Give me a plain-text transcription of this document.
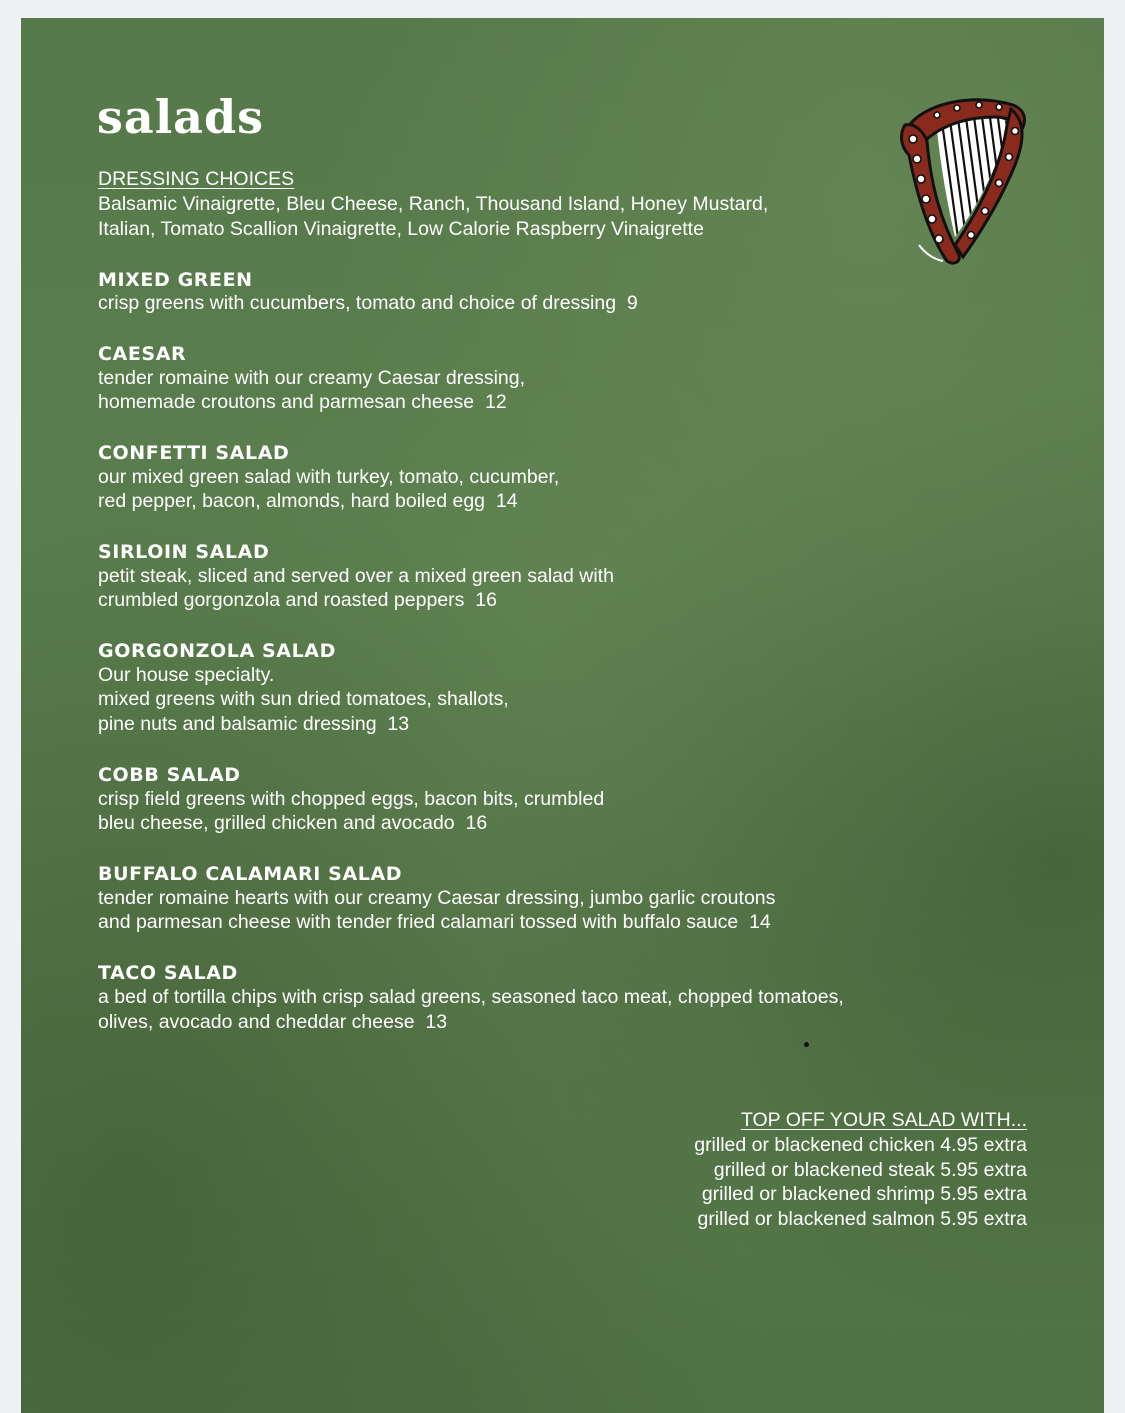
salads
DRESSING CHOICES
Balsamic Vinaigrette, Bleu Cheese, Ranch, Thousand Island, Honey Mustard,
Italian, Tomato Scallion Vinaigrette, Low Calorie Raspberry Vinaigrette
MIXED GREEN
crisp greens with cucumbers, tomato and choice of dressing  9
CAESAR
tender romaine with our creamy Caesar dressing,
homemade croutons and parmesan cheese  12
CONFETTI SALAD
our mixed green salad with turkey, tomato, cucumber,
red pepper, bacon, almonds, hard boiled egg  14
SIRLOIN SALAD
petit steak, sliced and served over a mixed green salad with
crumbled gorgonzola and roasted peppers  16
GORGONZOLA SALAD
Our house specialty.
mixed greens with sun dried tomatoes, shallots,
pine nuts and balsamic dressing  13
COBB SALAD
crisp field greens with chopped eggs, bacon bits, crumbled
bleu cheese, grilled chicken and avocado  16
BUFFALO CALAMARI SALAD
tender romaine hearts with our creamy Caesar dressing, jumbo garlic croutons
and parmesan cheese with tender fried calamari tossed with buffalo sauce  14
TACO SALAD
a bed of tortilla chips with crisp salad greens, seasoned taco meat, chopped tomatoes,
olives, avocado and cheddar cheese  13
TOP OFF YOUR SALAD WITH...
grilled or blackened chicken 4.95 extra
grilled or blackened steak 5.95 extra
grilled or blackened shrimp 5.95 extra
grilled or blackened salmon 5.95 extra
